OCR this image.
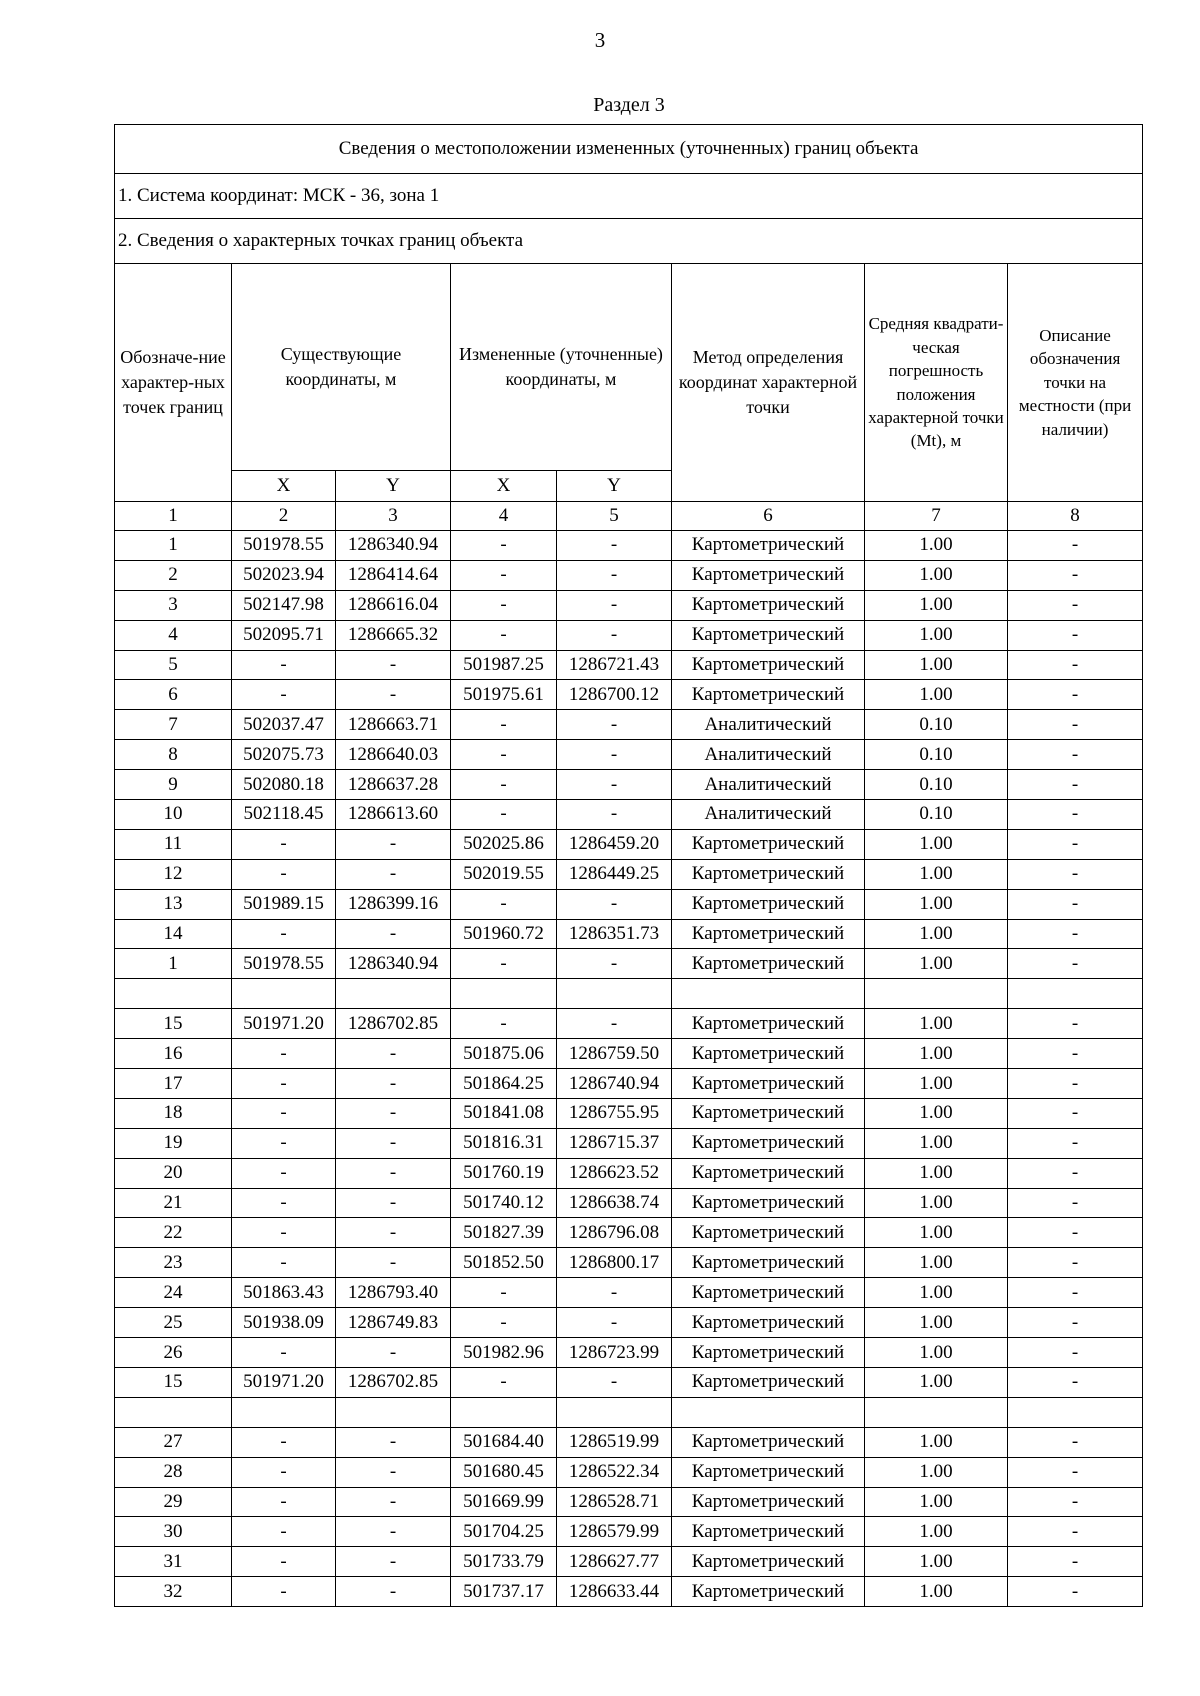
3
Раздел 3
Сведения о местоположении измененных (уточненных) границ объекта							
1. Система координат: МСК - 36, зона 1							
2. Сведения о характерных точках границ объекта							
Обозначе-ние характер-ных точек границ	Существующие координаты, м		Измененные (уточненные) координаты, м		Метод определения координат характерной точки	Средняя квадрати-ческая погрешность положения характерной точки (Mt), м	Описание обозначения точки на местности (при наличии)
	X	Y	X	Y			
1	2	3	4	5	6	7	8
1	501978.55	1286340.94	-	-	Картометрический	1.00	-
2	502023.94	1286414.64	-	-	Картометрический	1.00	-
3	502147.98	1286616.04	-	-	Картометрический	1.00	-
4	502095.71	1286665.32	-	-	Картометрический	1.00	-
5	-	-	501987.25	1286721.43	Картометрический	1.00	-
6	-	-	501975.61	1286700.12	Картометрический	1.00	-
7	502037.47	1286663.71	-	-	Аналитический	0.10	-
8	502075.73	1286640.03	-	-	Аналитический	0.10	-
9	502080.18	1286637.28	-	-	Аналитический	0.10	-
10	502118.45	1286613.60	-	-	Аналитический	0.10	-
11	-	-	502025.86	1286459.20	Картометрический	1.00	-
12	-	-	502019.55	1286449.25	Картометрический	1.00	-
13	501989.15	1286399.16	-	-	Картометрический	1.00	-
14	-	-	501960.72	1286351.73	Картометрический	1.00	-
1	501978.55	1286340.94	-	-	Картометрический	1.00	-

15	501971.20	1286702.85	-	-	Картометрический	1.00	-
16	-	-	501875.06	1286759.50	Картометрический	1.00	-
17	-	-	501864.25	1286740.94	Картометрический	1.00	-
18	-	-	501841.08	1286755.95	Картометрический	1.00	-
19	-	-	501816.31	1286715.37	Картометрический	1.00	-
20	-	-	501760.19	1286623.52	Картометрический	1.00	-
21	-	-	501740.12	1286638.74	Картометрический	1.00	-
22	-	-	501827.39	1286796.08	Картометрический	1.00	-
23	-	-	501852.50	1286800.17	Картометрический	1.00	-
24	501863.43	1286793.40	-	-	Картометрический	1.00	-
25	501938.09	1286749.83	-	-	Картометрический	1.00	-
26	-	-	501982.96	1286723.99	Картометрический	1.00	-
15	501971.20	1286702.85	-	-	Картометрический	1.00	-

27	-	-	501684.40	1286519.99	Картометрический	1.00	-
28	-	-	501680.45	1286522.34	Картометрический	1.00	-
29	-	-	501669.99	1286528.71	Картометрический	1.00	-
30	-	-	501704.25	1286579.99	Картометрический	1.00	-
31	-	-	501733.79	1286627.77	Картометрический	1.00	-
32	-	-	501737.17	1286633.44	Картометрический	1.00	-
